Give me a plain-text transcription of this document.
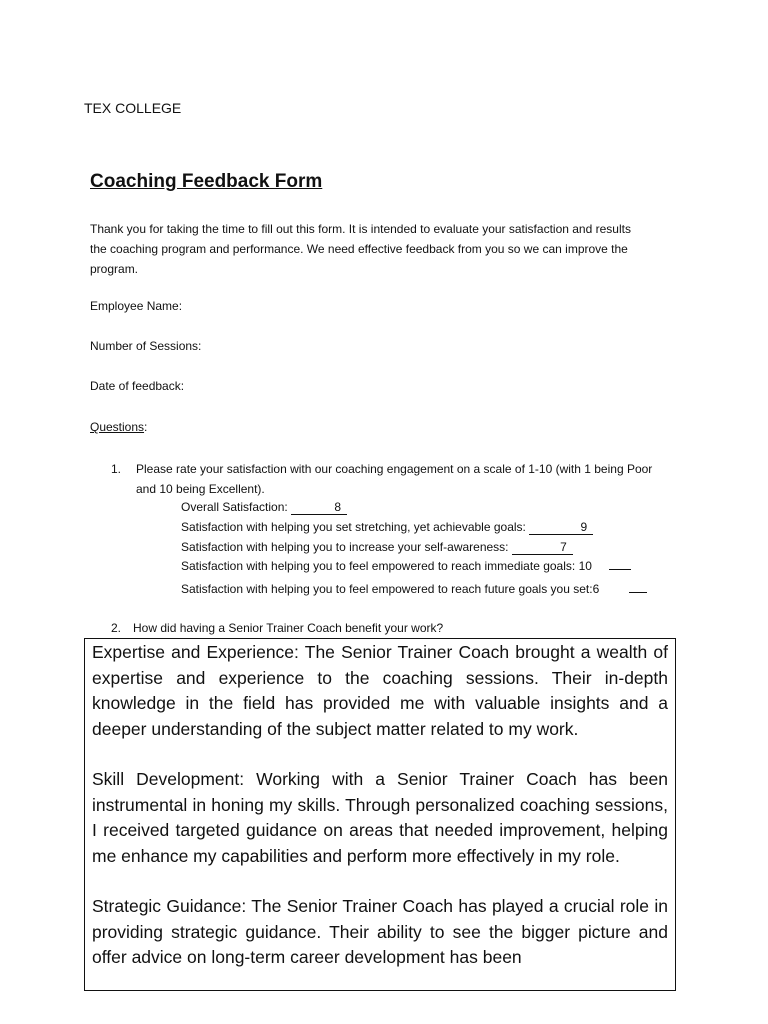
TEX COLLEGE
Coaching Feedback Form
Thank you for taking the time to fill out this form. It is intended to evaluate your satisfaction and results the coaching program and performance. We need effective feedback from you so we can improve the program.
Employee Name:
Number of Sessions:
Date of feedback:
Questions:
1. Please rate your satisfaction with our coaching engagement on a scale of 1-10 (with 1 being Poor and 10 being Excellent).
Overall Satisfaction:	8
Satisfaction with helping you set stretching, yet achievable goals:	9
Satisfaction with helping you to increase your self-awareness:	7
Satisfaction with helping you to feel empowered to reach immediate goals: 10
Satisfaction with helping you to feel empowered to reach future goals you set:6
2. How did having a Senior Trainer Coach benefit your work?

Expertise and Experience: The Senior Trainer Coach brought a wealth of expertise and experience to the coaching sessions. Their in-depth knowledge in the field has provided me with valuable insights and a deeper understanding of the subject matter related to my work.

Skill Development: Working with a Senior Trainer Coach has been instrumental in honing my skills. Through personalized coaching sessions, I received targeted guidance on areas that needed improvement, helping me enhance my capabilities and perform more effectively in my role.

Strategic Guidance: The Senior Trainer Coach has played a crucial role in providing strategic guidance. Their ability to see the bigger picture and offer advice on long-term career development has been
